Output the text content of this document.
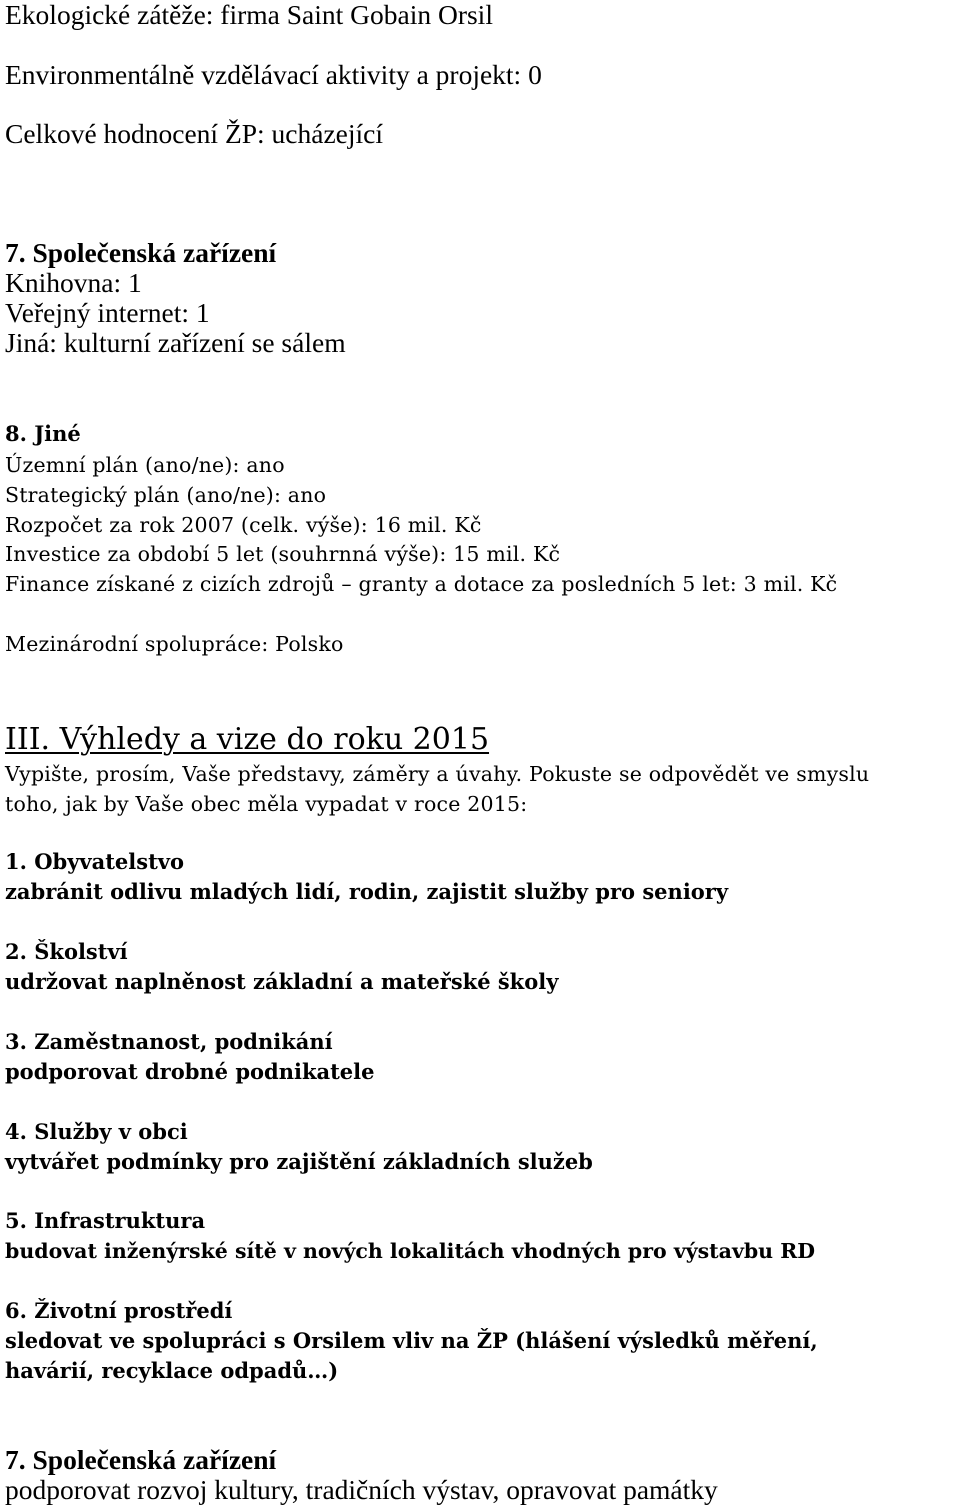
Ekologické zátěže: firma Saint Gobain Orsil
Environmentálně vzdělávací aktivity a projekt: 0
Celkové hodnocení ŽP: ucházející
7. Společenská zařízení
Knihovna: 1
Veřejný internet: 1
Jiná: kulturní zařízení se sálem
8. Jiné
Územní plán (ano/ne): ano
Strategický plán (ano/ne): ano
Rozpočet za rok 2007 (celk. výše): 16 mil. Kč
Investice za období 5 let (souhrnná výše): 15 mil. Kč
Finance získané z cizích zdrojů – granty a dotace za posledních 5 let: 3 mil. Kč
Mezinárodní spolupráce: Polsko
III. Výhledy a vize do roku 2015
Vypište, prosím, Vaše představy, záměry a úvahy. Pokuste se odpovědět ve smyslu
toho, jak by Vaše obec měla vypadat v roce 2015:
1. Obyvatelstvo
zabránit odlivu mladých lidí, rodin, zajistit služby pro seniory
2. Školství
udržovat naplněnost základní a mateřské školy
3. Zaměstnanost, podnikání
podporovat drobné podnikatele
4. Služby v obci
vytvářet podmínky pro zajištění základních služeb
5. Infrastruktura
budovat inženýrské sítě v nových lokalitách vhodných pro výstavbu RD
6. Životní prostředí
sledovat ve spolupráci s Orsilem vliv na ŽP (hlášení výsledků měření,
havárií, recyklace odpadů…)
7. Společenská zařízení
podporovat rozvoj kultury, tradičních výstav, opravovat památky
